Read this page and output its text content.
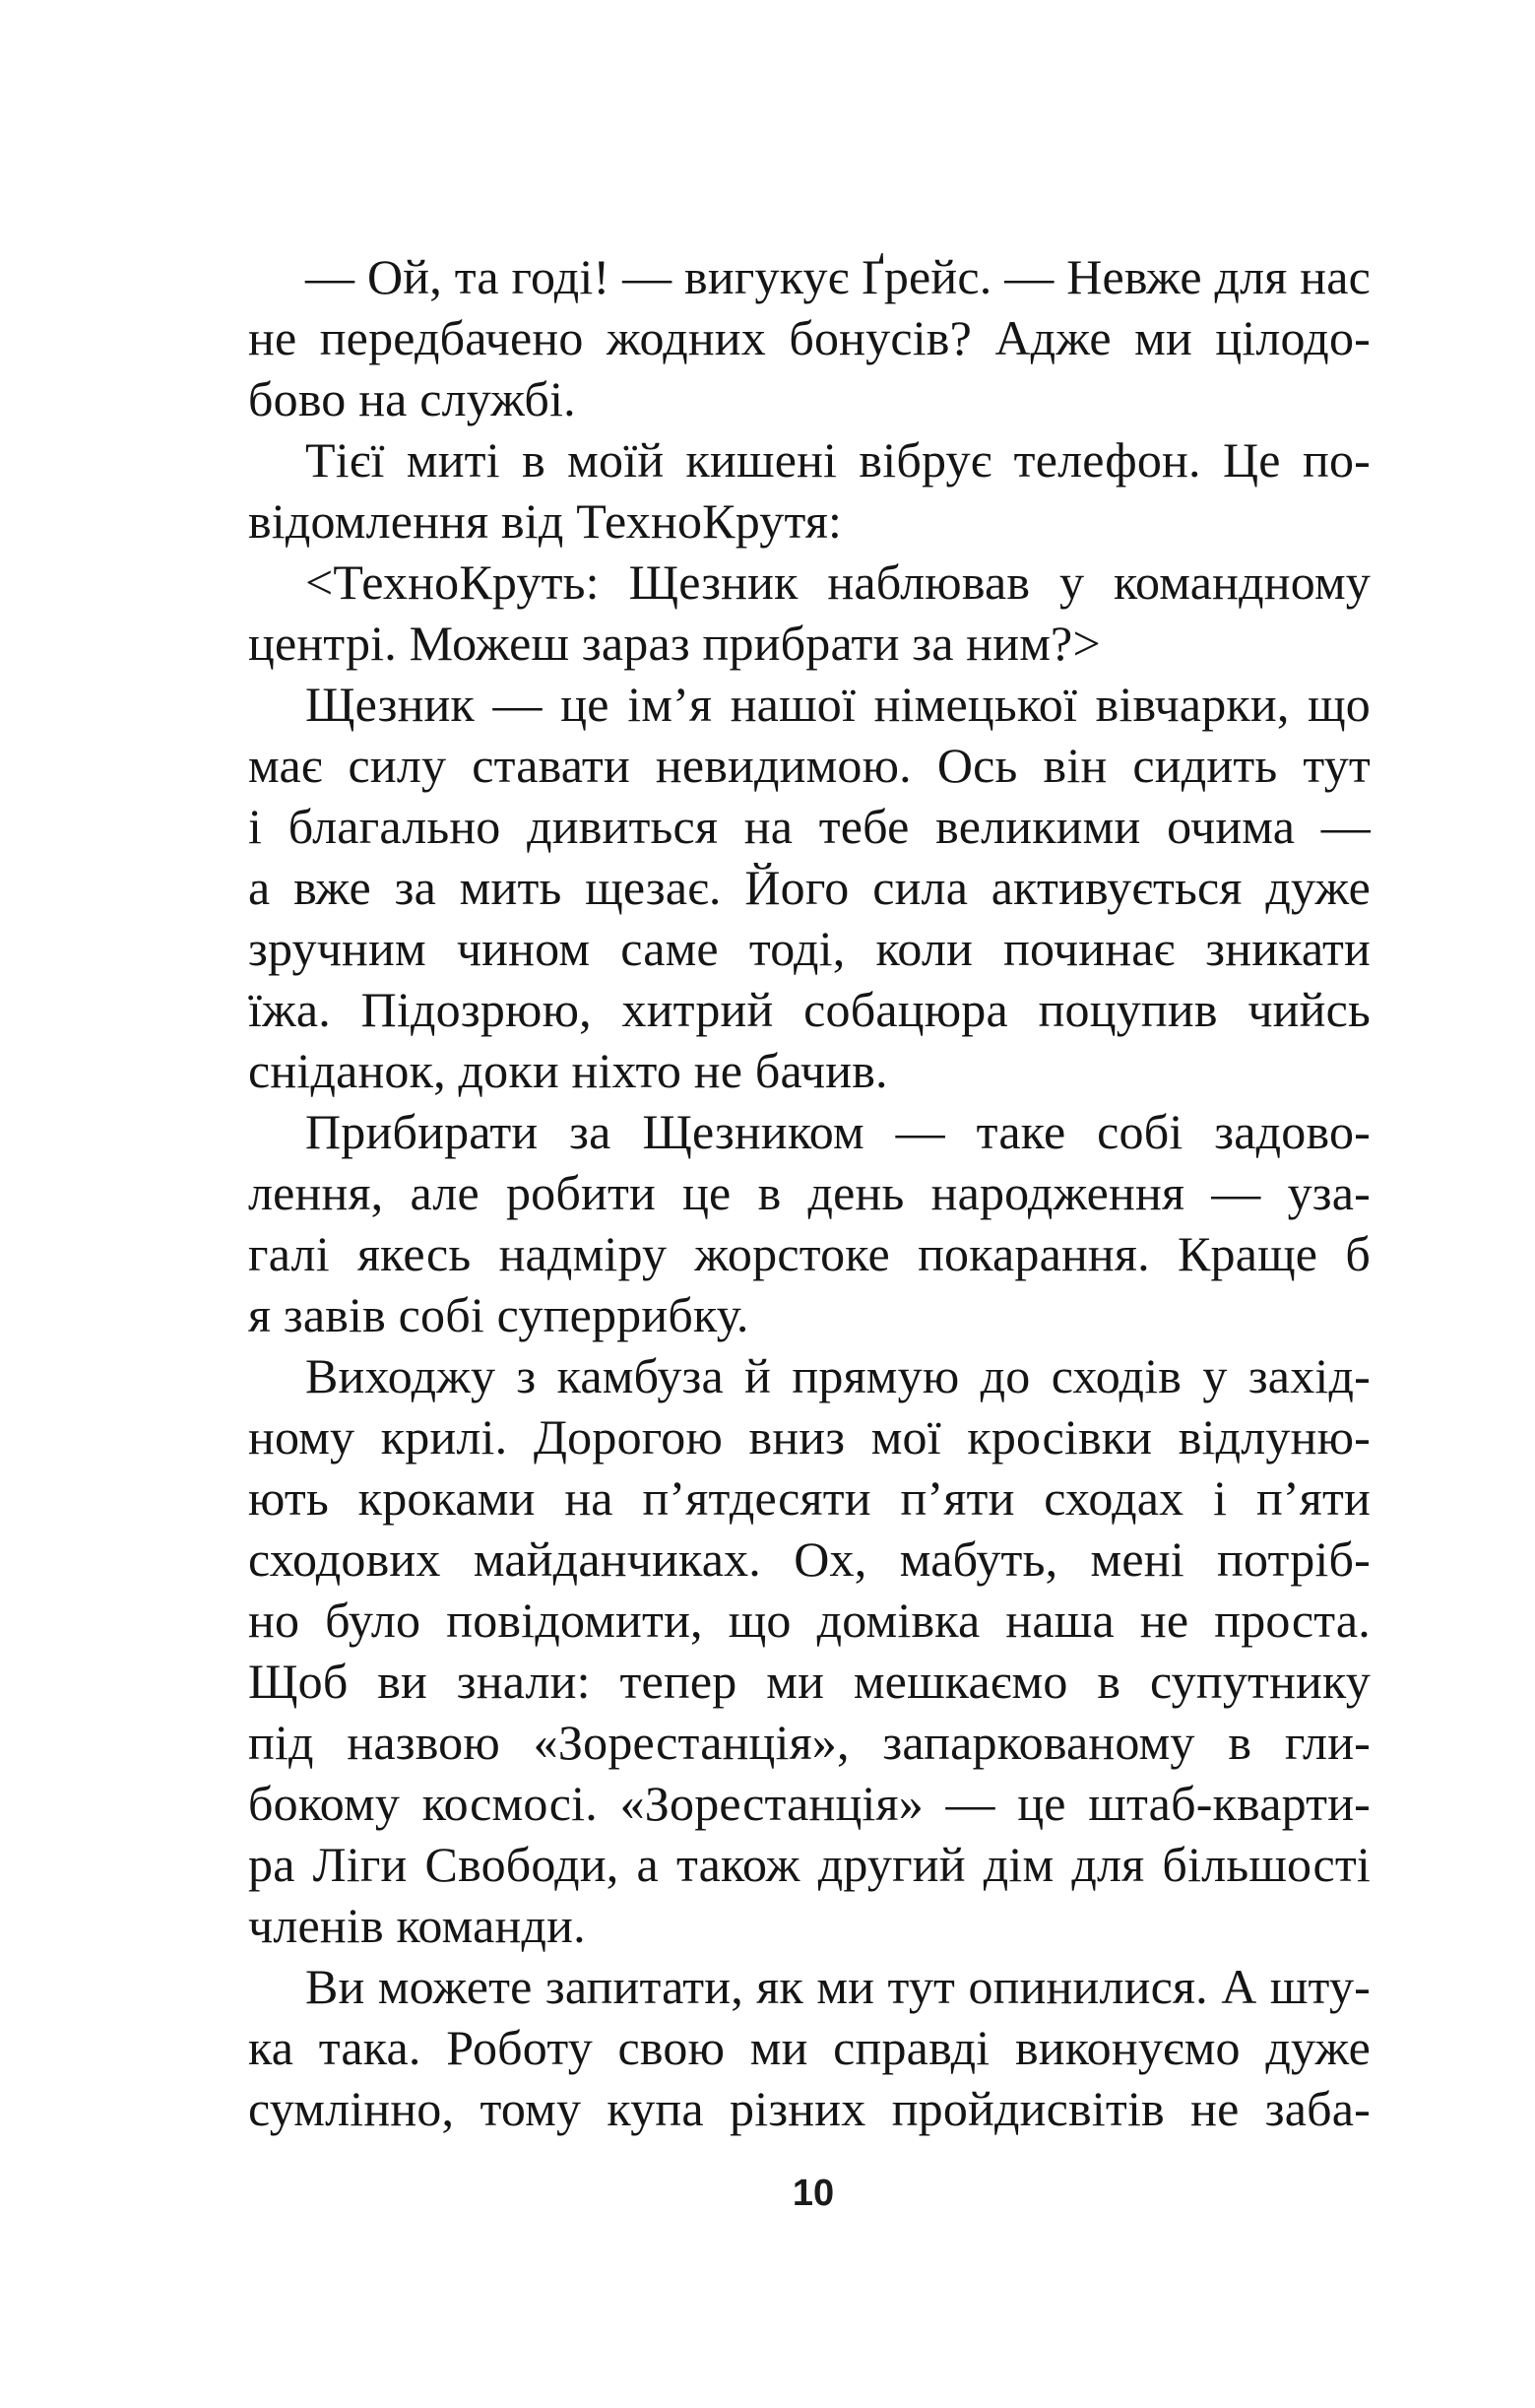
— Ой, та годі! — вигукує Ґрейс. — Невже для нас
не передбачено жодних бонусів? Адже ми цілодо-
бово на службі.
Тієї миті в моїй кишені вібрує телефон. Це по-
відомлення від ТехноКрутя:
<ТехноКруть: Щезник наблював у командному
центрі. Можеш зараз прибрати за ним?>
Щезник — це ім’я нашої німецької вівчарки, що
має силу ставати невидимою. Ось він сидить тут
і благально дивиться на тебе великими очима —
а вже за мить щезає. Його сила активується дуже
зручним чином саме тоді, коли починає зникати
їжа. Підозрюю, хитрий собацюра поцупив чийсь
сніданок, доки ніхто не бачив.
Прибирати за Щезником — таке собі задово-
лення, але робити це в день народження — уза-
галі якесь надміру жорстоке покарання. Краще б
я завів собі суперрибку.
Виходжу з камбуза й прямую до сходів у захід-
ному крилі. Дорогою вниз мої кросівки відлуню-
ють кроками на п’ятдесяти п’яти сходах і п’яти
сходових майданчиках. Ох, мабуть, мені потріб-
но було повідомити, що домівка наша не проста.
Щоб ви знали: тепер ми мешкаємо в супутнику
під назвою «Зорестанція», запаркованому в гли-
бокому космосі. «Зорестанція» — це штаб-кварти-
ра Ліги Свободи, а також другий дім для більшості
членів команди.
Ви можете запитати, як ми тут опинилися. А шту-
ка така. Роботу свою ми справді виконуємо дуже
сумлінно, тому купа різних пройдисвітів не заба-
10
